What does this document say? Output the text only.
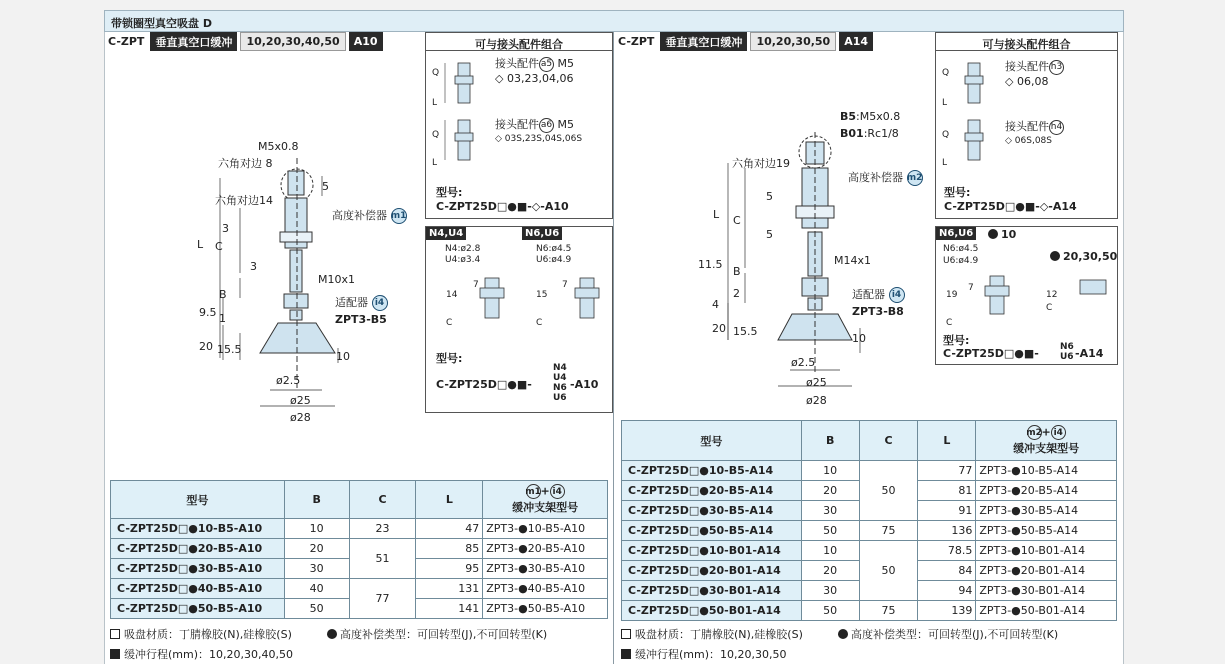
带锁圈型真空吸盘 D
C-ZPT	垂直真空口缓冲	10,20,30,40,50	A10	C-ZPT	垂直真空口缓冲	10,20,30,50	A14
M5x0.8
六角对边 8
六角对边14
高度补偿器 m1
M10x1
适配器 i4
ZPT3-B5
L C
B
9.5 1
20 15.5
10
5
3
3
ø2.5
ø25
ø28
可与接头配件组合
Q
L
Q
L
接头配件 a5 M5
◇ 03,23,04,06
接头配件 a6 M5
◇ 03S,23S,04S,06S
型号:
C-ZPT25D□●■-◇-A10
N4,U4	N6,U6
N4:ø2.8
U4:ø3.4
N6:ø4.5
U6:ø4.9
14
C
7
15
C
7
型号:
C-ZPT25D□●■-
N4
U4
N6
U6
-A10
B5:M5x0.8
B01:Rc1/8
六角对边19
高度补偿器 m2
M14x1
适配器 i4
ZPT3-B8
5
5
L C
11.5
B
2
4
20 15.5
10
ø2.5
ø25
ø28
可与接头配件组合
Q
L
Q
L
接头配件 h3
◇ 06,08
接头配件 h4
◇ 06S,08S
型号:
C-ZPT25D□●■-◇-A14
N6,U6	10
20,30,50
N6:ø4.5
U6:ø4.9
19
C
7
12
C
型号:
C-ZPT25D□●■- N6
U6 -A14
型号	B	C	L	m1+ i4
缓冲支架型号
C-ZPT25D□●10-B5-A10	10	23	47	ZPT3-●10-B5-A10
C-ZPT25D□●20-B5-A10	20	51	85	ZPT3-●20-B5-A10
C-ZPT25D□●30-B5-A10	30		95	ZPT3-●30-B5-A10
C-ZPT25D□●40-B5-A10	40	77	131	ZPT3-●40-B5-A10
C-ZPT25D□●50-B5-A10	50		141	ZPT3-●50-B5-A10
型号	B	C	L	m2+ i4
缓冲支架型号
C-ZPT25D□●10-B5-A14	10	50	77	ZPT3-●10-B5-A14
C-ZPT25D□●20-B5-A14	20		81	ZPT3-●20-B5-A14
C-ZPT25D□●30-B5-A14	30		91	ZPT3-●30-B5-A14
C-ZPT25D□●50-B5-A14	50	75	136	ZPT3-●50-B5-A14
C-ZPT25D□●10-B01-A14	10	50	78.5	ZPT3-●10-B01-A14
C-ZPT25D□●20-B01-A14	20		84	ZPT3-●20-B01-A14
C-ZPT25D□●30-B01-A14	30		94	ZPT3-●30-B01-A14
C-ZPT25D□●50-B01-A14	50	75	139	ZPT3-●50-B01-A14
吸盘材质：丁腈橡胶(N),硅橡胶(S)	高度补偿类型：可回转型(J),不可回转型(K)
缓冲行程(mm)：10,20,30,40,50
吸盘材质：丁腈橡胶(N),硅橡胶(S)	高度补偿类型：可回转型(J),不可回转型(K)
缓冲行程(mm)：10,20,30,50
